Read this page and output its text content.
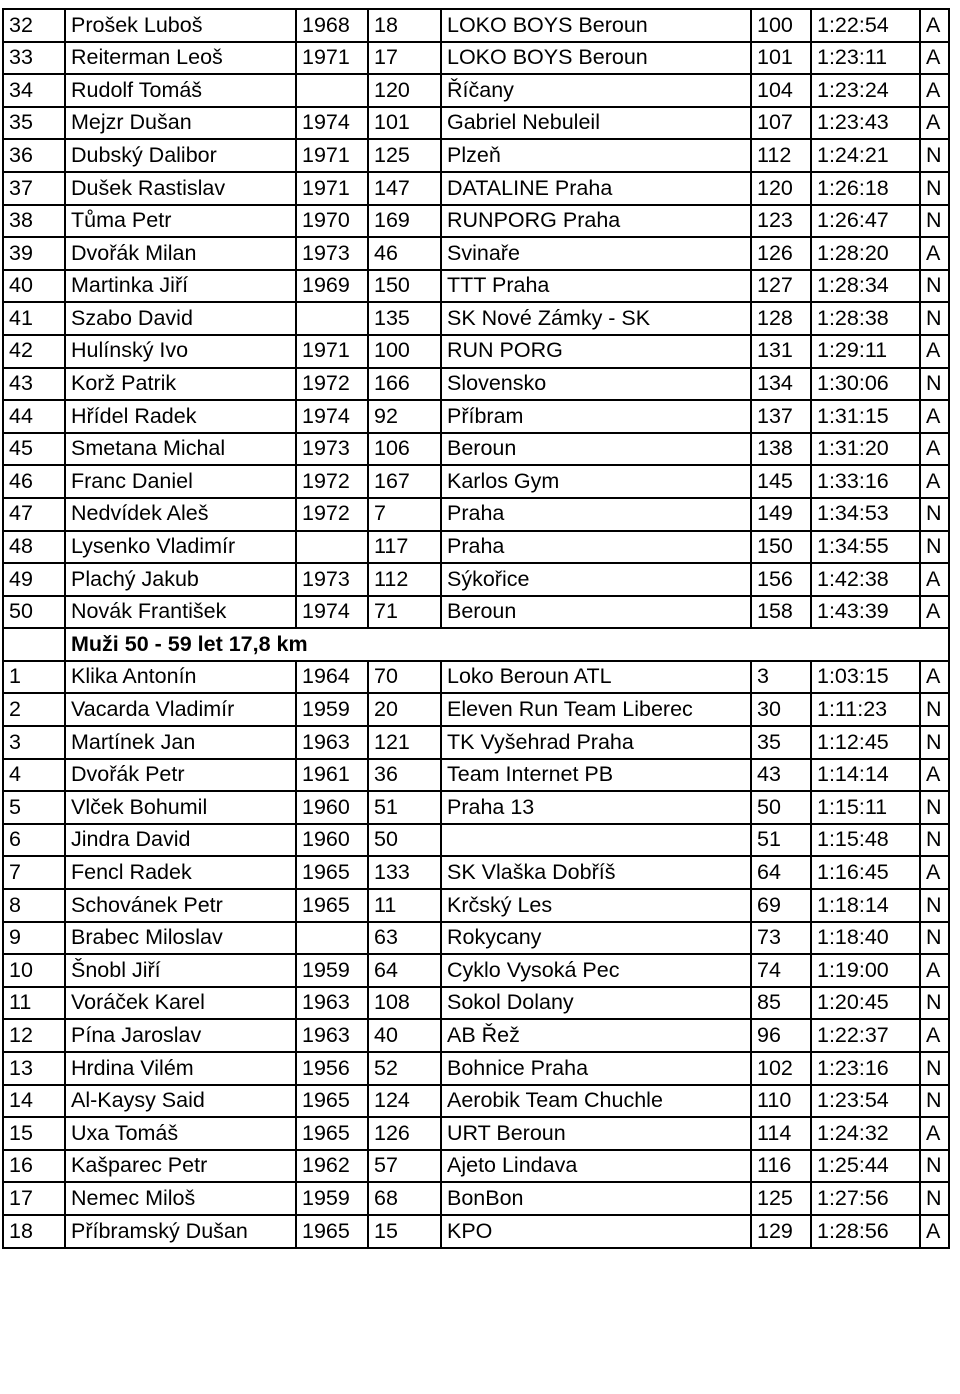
32	Prošek Luboš	1968	18	LOKO BOYS Beroun	100	1:22:54	A
33	Reiterman Leoš	1971	17	LOKO BOYS Beroun	101	1:23:11	A
34	Rudolf Tomáš		120	Říčany	104	1:23:24	A
35	Mejzr Dušan	1974	101	Gabriel Nebuleil	107	1:23:43	A
36	Dubský Dalibor	1971	125	Plzeň	112	1:24:21	N
37	Dušek Rastislav	1971	147	DATALINE Praha	120	1:26:18	N
38	Tůma Petr	1970	169	RUNPORG Praha	123	1:26:47	N
39	Dvořák Milan	1973	46	Svinaře	126	1:28:20	A
40	Martinka Jiří	1969	150	TTT Praha	127	1:28:34	N
41	Szabo David		135	SK Nové Zámky - SK	128	1:28:38	N
42	Hulínský Ivo	1971	100	RUN PORG	131	1:29:11	A
43	Korž Patrik	1972	166	Slovensko	134	1:30:06	N
44	Hřídel Radek	1974	92	Příbram	137	1:31:15	A
45	Smetana Michal	1973	106	Beroun	138	1:31:20	A
46	Franc Daniel	1972	167	Karlos Gym	145	1:33:16	A
47	Nedvídek Aleš	1972	7	Praha	149	1:34:53	N
48	Lysenko Vladimír		117	Praha	150	1:34:55	N
49	Plachý Jakub	1973	112	Sýkořice	156	1:42:38	A
50	Novák František	1974	71	Beroun	158	1:43:39	A
	Muži 50 - 59 let 17,8 km						
1	Klika Antonín	1964	70	Loko Beroun ATL	3	1:03:15	A
2	Vacarda Vladimír	1959	20	Eleven Run Team Liberec	30	1:11:23	N
3	Martínek Jan	1963	121	TK Vyšehrad Praha	35	1:12:45	N
4	Dvořák Petr	1961	36	Team Internet PB	43	1:14:14	A
5	Vlček Bohumil	1960	51	Praha 13	50	1:15:11	N
6	Jindra David	1960	50		51	1:15:48	N
7	Fencl Radek	1965	133	SK Vlaška Dobříš	64	1:16:45	A
8	Schovánek Petr	1965	11	Krčský Les	69	1:18:14	N
9	Brabec Miloslav		63	Rokycany	73	1:18:40	N
10	Šnobl Jiří	1959	64	Cyklo Vysoká Pec	74	1:19:00	A
11	Voráček Karel	1963	108	Sokol Dolany	85	1:20:45	N
12	Pína Jaroslav	1963	40	AB Řež	96	1:22:37	A
13	Hrdina Vilém	1956	52	Bohnice Praha	102	1:23:16	N
14	Al-Kaysy Said	1965	124	Aerobik Team Chuchle	110	1:23:54	N
15	Uxa Tomáš	1965	126	URT Beroun	114	1:24:32	A
16	Kašparec Petr	1962	57	Ajeto Lindava	116	1:25:44	N
17	Nemec Miloš	1959	68	BonBon	125	1:27:56	N
18	Příbramský Dušan	1965	15	KPO	129	1:28:56	A
